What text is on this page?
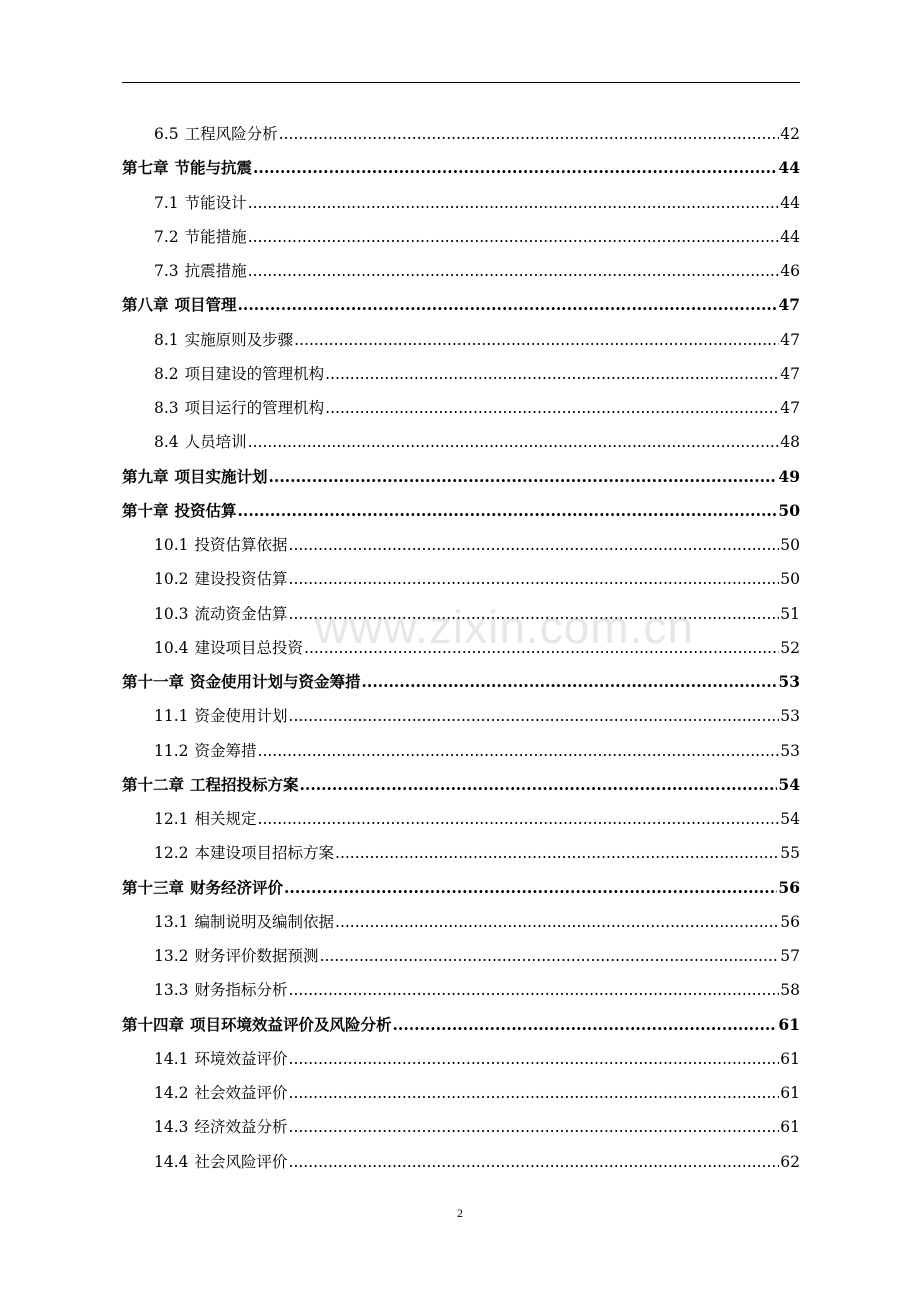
6.5 工程风险分析 .....	42
第七章 节能与抗震 .....	44
7.1 节能设计 .....	44
7.2 节能措施 .....	44
7.3 抗震措施 .....	46
第八章 项目管理 .....	47
8.1 实施原则及步骤 .....	47
8.2 项目建设的管理机构 .....	47
8.3 项目运行的管理机构 .....	47
8.4 人员培训 .....	48
第九章 项目实施计划 .....	49
第十章 投资估算 .....	50
10.1 投资估算依据 .....	50
10.2 建设投资估算 .....	50
10.3 流动资金估算 .....	51
10.4 建设项目总投资 .....	52
第十一章 资金使用计划与资金筹措 .....	53
11.1 资金使用计划 .....	53
11.2 资金筹措 .....	53
第十二章 工程招投标方案 .....	54
12.1 相关规定 .....	54
12.2 本建设项目招标方案 .....	55
第十三章 财务经济评价 .....	56
13.1 编制说明及编制依据 .....	56
13.2 财务评价数据预测 .....	57
13.3 财务指标分析 .....	58
第十四章 项目环境效益评价及风险分析 .....	61
14.1 环境效益评价 .....	61
14.2 社会效益评价 .....	61
14.3 经济效益分析 .....	61
14.4 社会风险评价 .....	62
www.zixin.com.cn
2
